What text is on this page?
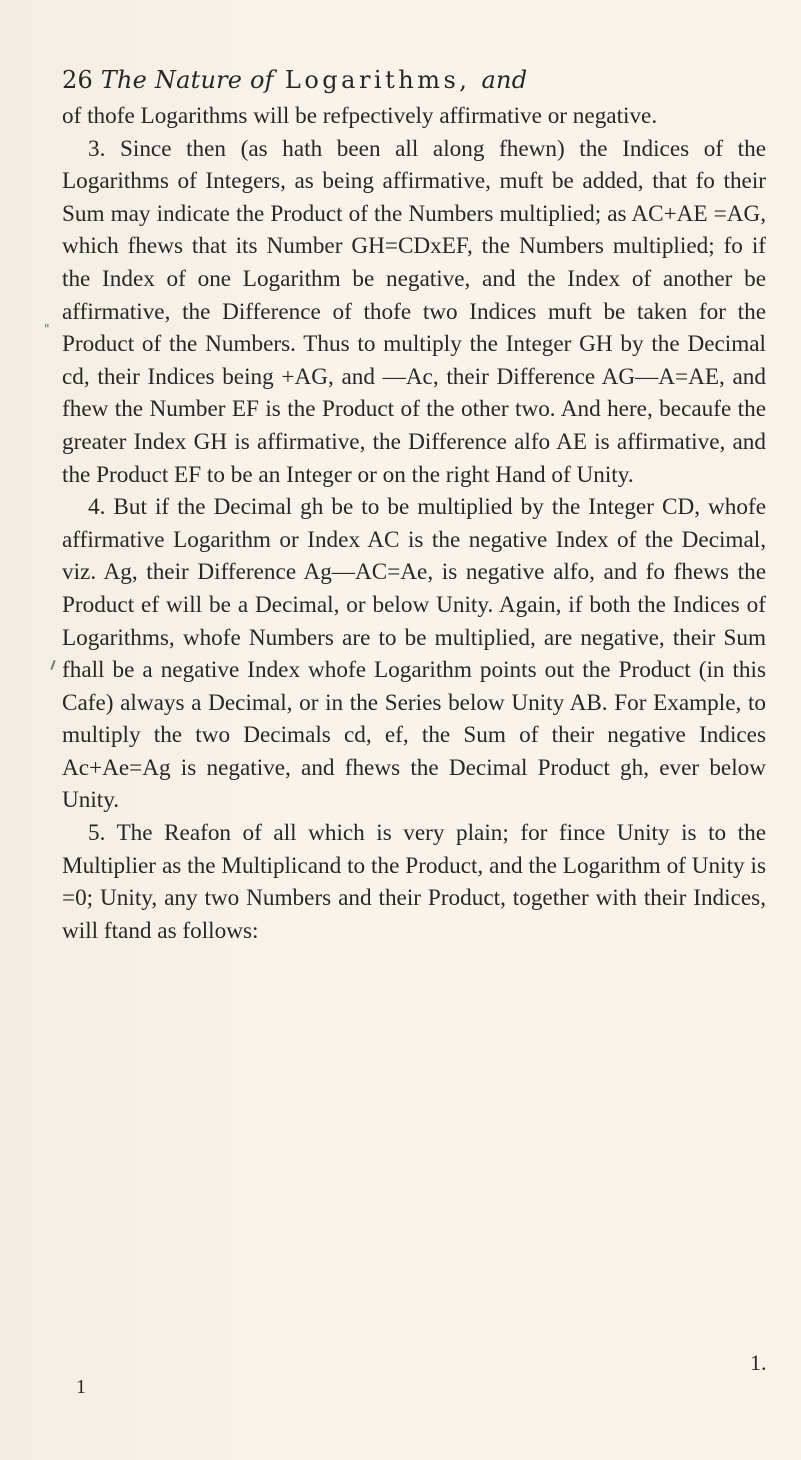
26 The Nature of Logarithms, and
"

of thofe Logarithms will be refpectively affirmative or negative.

3. Since then (as hath been all along fhewn) the Indices of the Logarithms of Integers, as being affirmative, muft be added, that fo their Sum may indicate the Product of the Numbers multiplied; as AC+AE =AG, which fhews that its Number GH=CDxEF, the Numbers multiplied; fo if the Index of one Logarithm be negative, and the Index of another be affirmative, the Difference of thofe two Indices muft be taken for the Product of the Numbers. Thus to multiply the Integer GH by the Decimal cd, their Indices being +AG, and —Ac, their Difference AG—A=AE, and fhew the Number EF is the Product of the other two. And here, becaufe the greater Index GH is affirmative, the Difference alfo AE is affirmative, and the Product EF to be an Integer or on the right Hand of Unity.

4. But if the Decimal gh be to be multiplied by the Integer CD, whofe affirmative Logarithm or Index AC is the negative Index of the Decimal, viz. Ag, their Difference Ag—AC=Ae, is negative alfo, and fo fhews the Product ef will be a Decimal, or below Unity. Again, if both the Indices of Logarithms, whofe Numbers are to be multiplied, are negative, their Sum fhall be a negative Index whofe Logarithm points out the Product (in this Cafe) always a Decimal, or in the Series below Unity AB. For Example, to multiply the two Decimals cd, ef, the Sum of their negative Indices Ac+Ae=Ag is negative, and fhews the Decimal Product gh, ever below Unity.

5. The Reafon of all which is very plain; for fince Unity is to the Multiplier as the Multiplicand to the Product, and the Logarithm of Unity is =0; Unity, any two Numbers and their Product, together with their Indices, will ftand as follows:

1.
1
